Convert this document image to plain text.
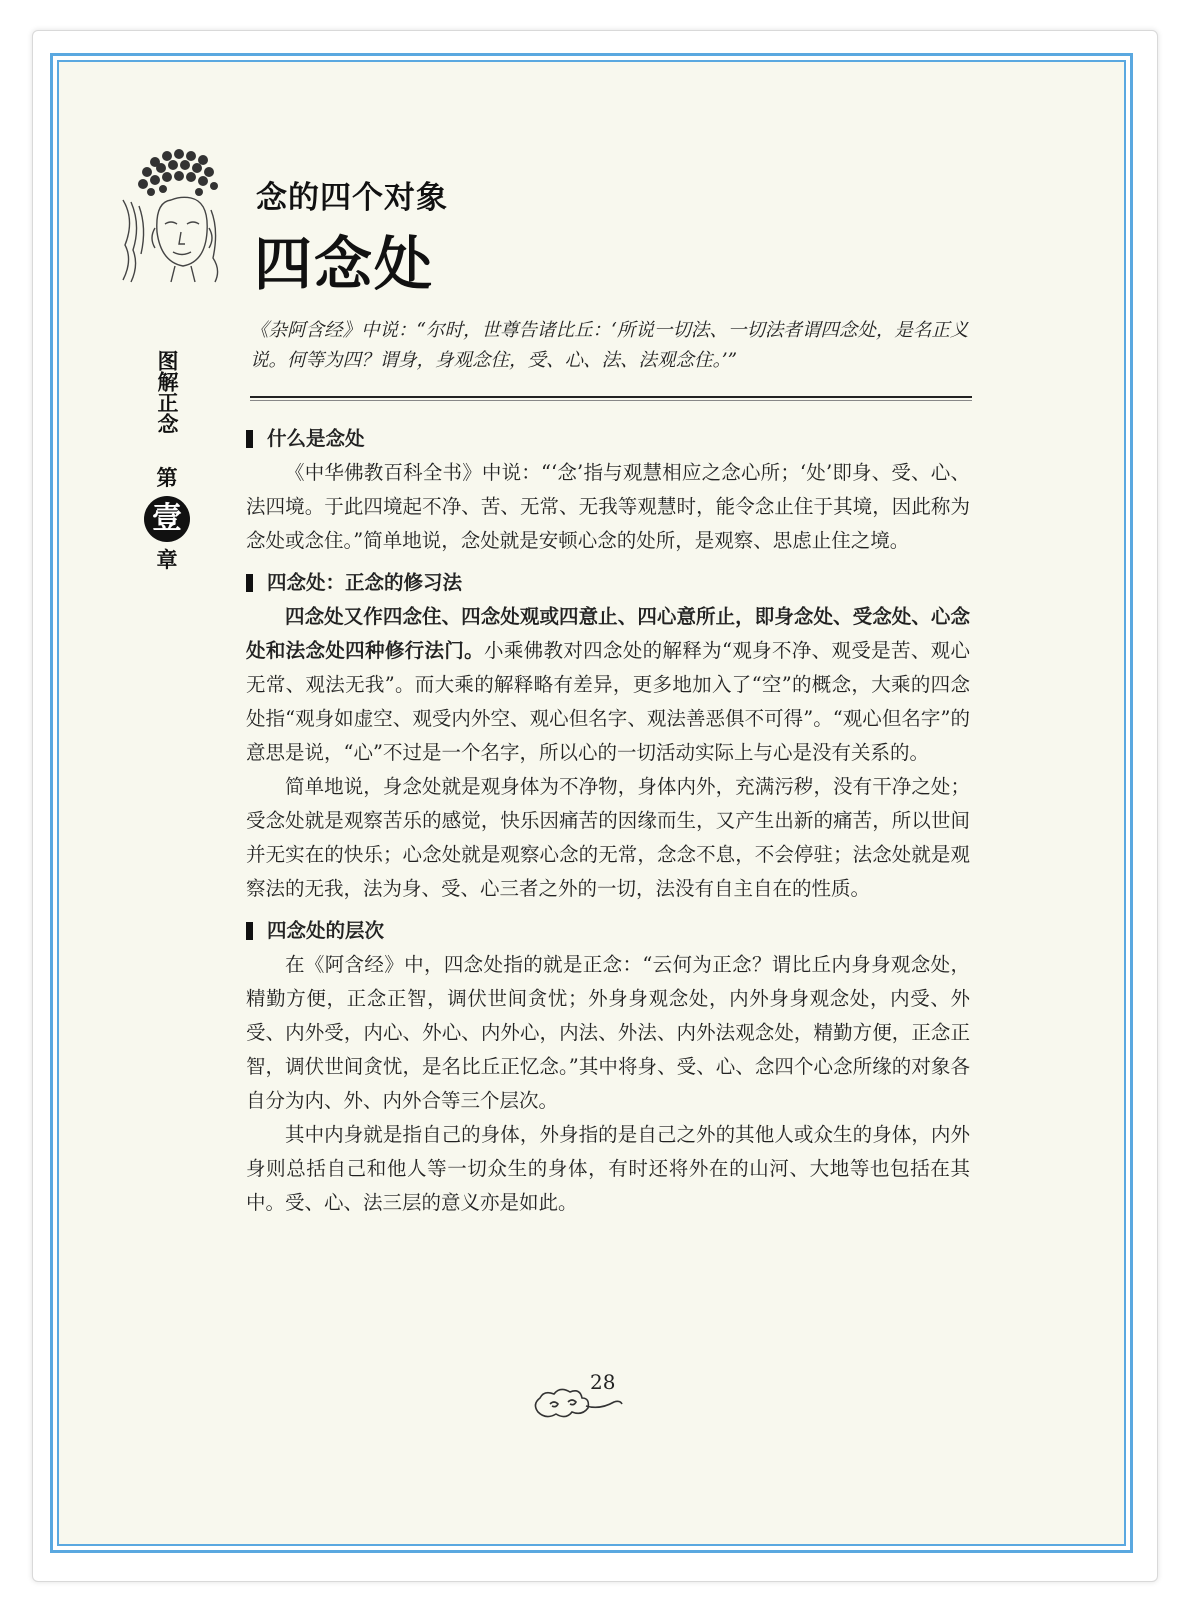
念的四个对象
四念处
图解正念
第
壹
章
《杂阿含经》中说：“尔时，世尊告诸比丘：‘所说一切法、一切法者谓四念处，是名正义说。何等为四？谓身，身观念住，受、心、法、法观念住。’”
什么是念处

《中华佛教百科全书》中说：“‘念’指与观慧相应之念心所；‘处’即身、受、心、法四境。于此四境起不净、苦、无常、无我等观慧时，能令念止住于其境，因此称为念处或念住。”简单地说，念处就是安顿心念的处所，是观察、思虑止住之境。

四念处：正念的修习法

四念处又作四念住、四念处观或四意止、四心意所止，即身念处、受念处、心念处和法念处四种修行法门。小乘佛教对四念处的解释为“观身不净、观受是苦、观心无常、观法无我”。而大乘的解释略有差异，更多地加入了“空”的概念，大乘的四念处指“观身如虚空、观受内外空、观心但名字、观法善恶俱不可得”。“观心但名字”的意思是说，“心”不过是一个名字，所以心的一切活动实际上与心是没有关系的。

简单地说，身念处就是观身体为不净物，身体内外，充满污秽，没有干净之处；受念处就是观察苦乐的感觉，快乐因痛苦的因缘而生，又产生出新的痛苦，所以世间并无实在的快乐；心念处就是观察心念的无常，念念不息，不会停驻；法念处就是观察法的无我，法为身、受、心三者之外的一切，法没有自主自在的性质。

四念处的层次

在《阿含经》中，四念处指的就是正念：“云何为正念？谓比丘内身身观念处，精勤方便，正念正智，调伏世间贪忧；外身身观念处，内外身身观念处，内受、外受、内外受，内心、外心、内外心，内法、外法、内外法观念处，精勤方便，正念正智，调伏世间贪忧，是名比丘正忆念。”其中将身、受、心、念四个心念所缘的对象各自分为内、外、内外合等三个层次。

其中内身就是指自己的身体，外身指的是自己之外的其他人或众生的身体，内外身则总括自己和他人等一切众生的身体，有时还将外在的山河、大地等也包括在其中。受、心、法三层的意义亦是如此。

28
